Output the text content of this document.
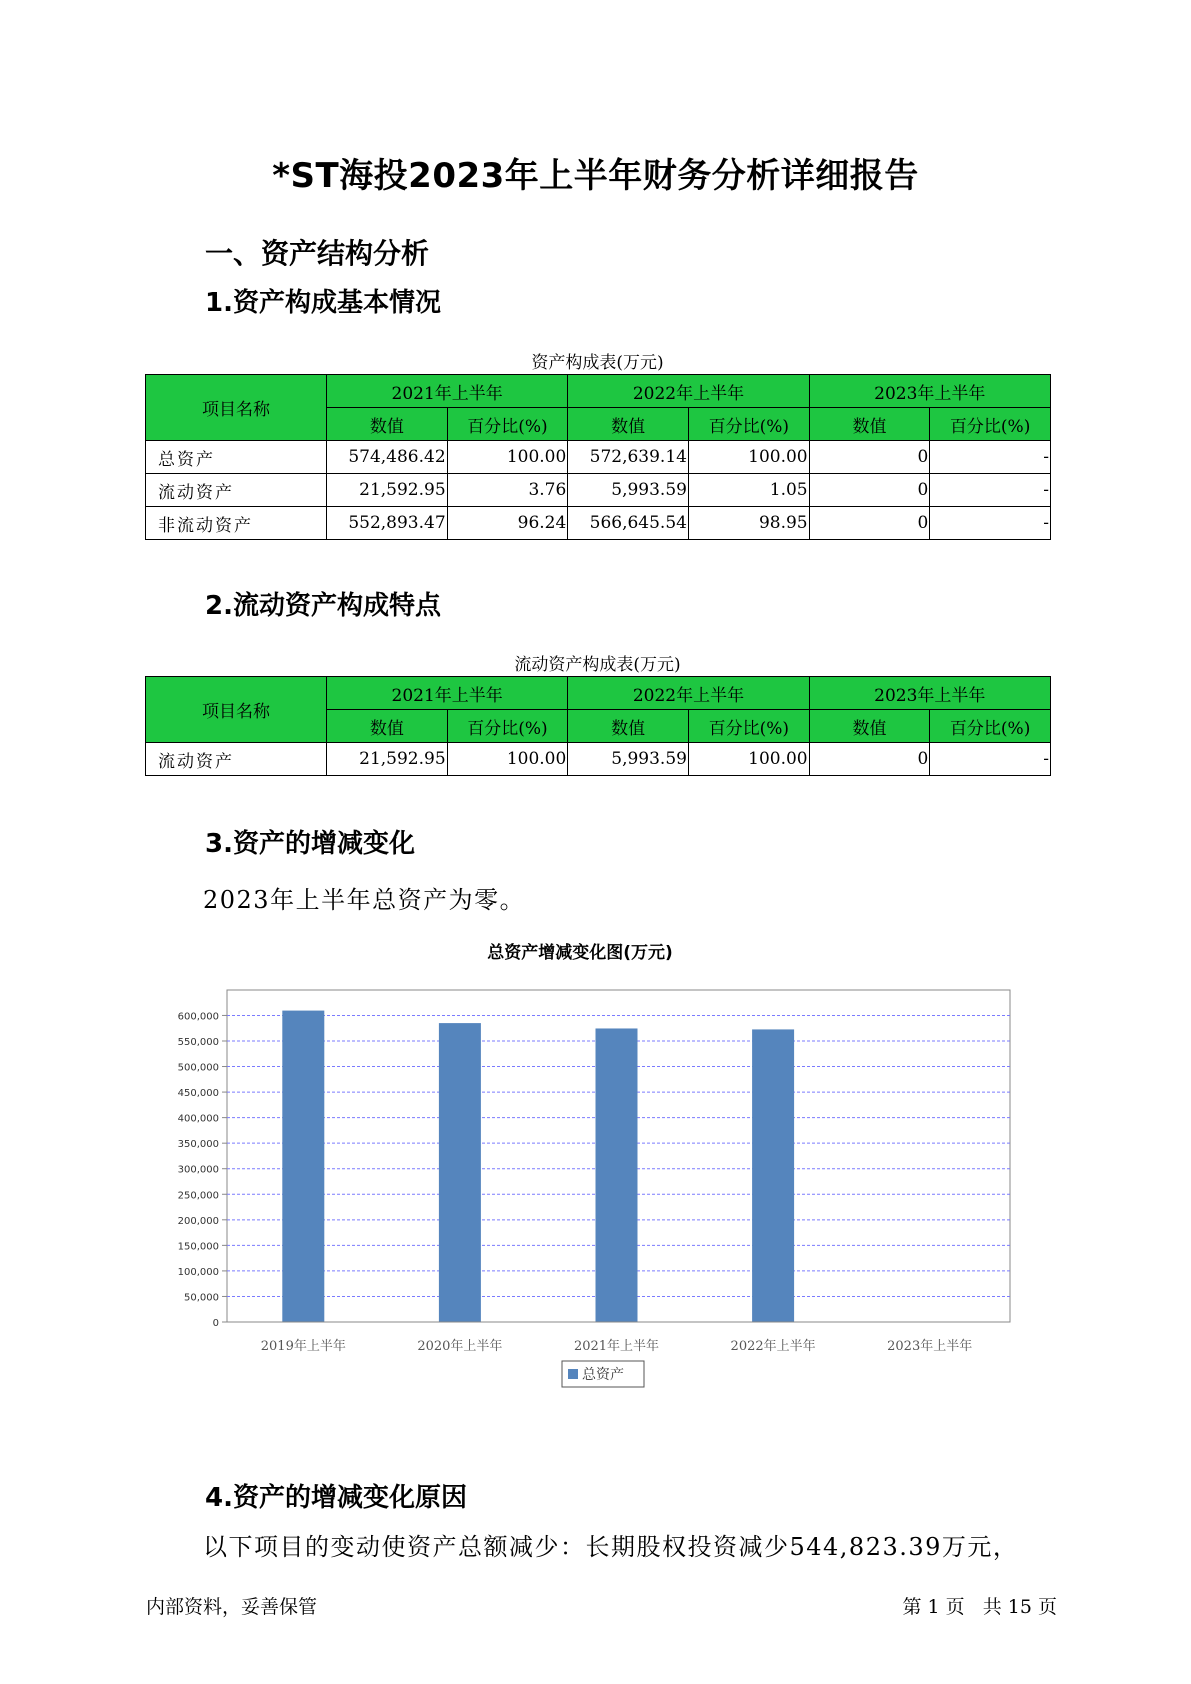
*ST海投2023年上半年财务分析详细报告
一、资产结构分析
1.资产构成基本情况
资产构成表(万元)
项目名称	2021年上半年		2022年上半年		2023年上半年	
	数值	百分比(%)	数值	百分比(%)	数值	百分比(%)
总资产	574,486.42	100.00	572,639.14	100.00	0	-
流动资产	21,592.95	3.76	5,993.59	1.05	0	-
非流动资产	552,893.47	96.24	566,645.54	98.95	0	-
2.流动资产构成特点
流动资产构成表(万元)
项目名称	2021年上半年		2022年上半年		2023年上半年	
	数值	百分比(%)	数值	百分比(%)	数值	百分比(%)
流动资产	21,592.95	100.00	5,993.59	100.00	0	-
3.资产的增减变化
2023年上半年总资产为零。
总资产增减变化图(万元)
0
50,000
100,000
150,000
200,000
250,000
300,000
350,000
400,000
450,000
500,000
550,000
600,000
2019年上半年	2020年上半年	2021年上半年	2022年上半年	2023年上半年
总资产
4.资产的增减变化原因
以下项目的变动使资产总额减少：长期股权投资减少544,823.39万元，
内部资料，妥善保管	第 1 页   共 15 页
